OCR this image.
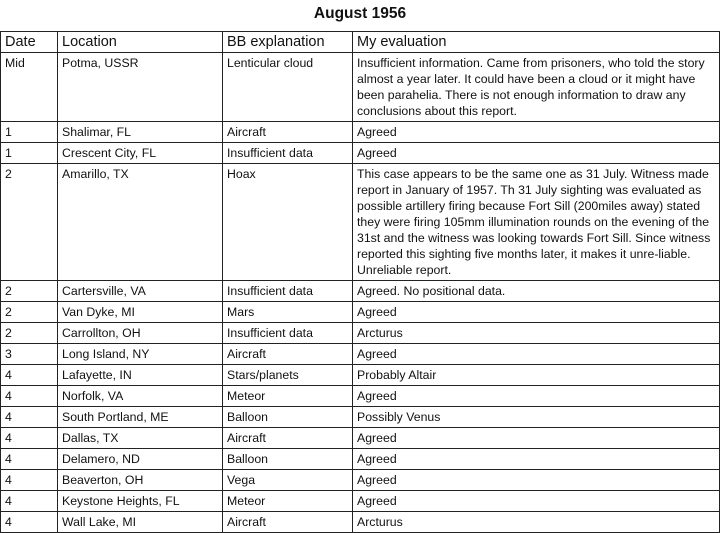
August 1956
Date	Location	BB explanation	My evaluation
Mid	Potma, USSR	Lenticular cloud	Insufficient information. Came from prisoners, who told the story almost a year later. It could have been a cloud or it might have been parahelia. There is not enough information to draw any conclusions about this report.
1	Shalimar, FL	Aircraft	Agreed
1	Crescent City, FL	Insufficient data	Agreed
2	Amarillo, TX	Hoax	This case appears to be the same one as 31 July. Witness made report in January of 1957. Th 31 July sighting was evaluated as possible artillery firing because Fort Sill (200miles away) stated they were firing 105mm illumination rounds on the evening of the 31st and the witness was looking towards Fort Sill. Since witness reported this sighting five months later, it makes it unre-liable. Unreliable report.
2	Cartersville, VA	Insufficient data	Agreed. No positional data.
2	Van Dyke, MI	Mars	Agreed
2	Carrollton, OH	Insufficient data	Arcturus
3	Long Island, NY	Aircraft	Agreed
4	Lafayette, IN	Stars/planets	Probably Altair
4	Norfolk, VA	Meteor	Agreed
4	South Portland, ME	Balloon	Possibly Venus
4	Dallas, TX	Aircraft	Agreed
4	Delamero, ND	Balloon	Agreed
4	Beaverton, OH	Vega	Agreed
4	Keystone Heights, FL	Meteor	Agreed
4	Wall Lake, MI	Aircraft	Arcturus
